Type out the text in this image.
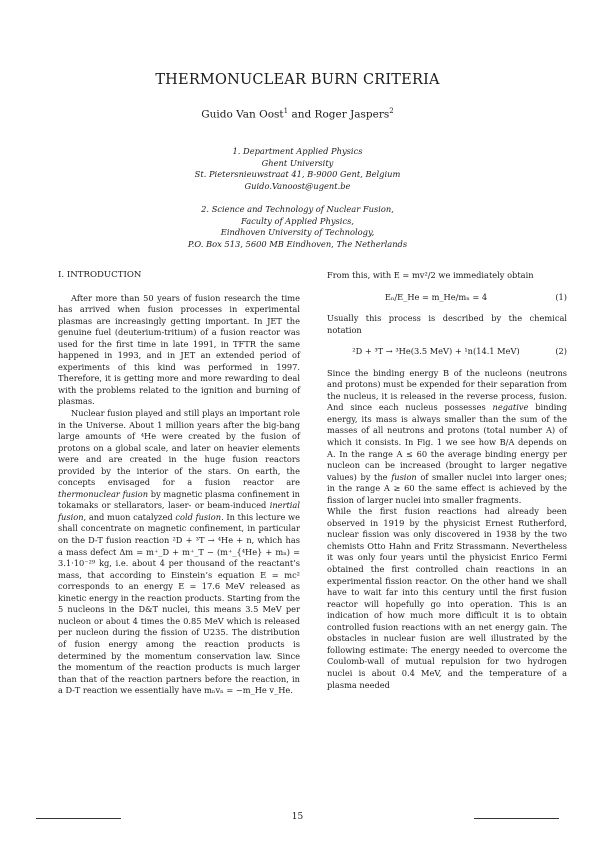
THERMONUCLEAR BURN CRITERIA
Guido Van Oost$^1$ and Roger Jaspers$^2$
1. Department Applied Physics
Ghent University
St. Pietersnieuwstraat 41, B-9000 Gent, Belgium
Guido.Vanoost@ugent.be
2. Science and Technology of Nuclear Fusion,
Faculty of Applied Physics,
Eindhoven University of Technology,
P.O. Box 513, 5600 MB Eindhoven, The Netherlands
I. INTRODUCTION

After more than 50 years of fusion research the time has arrived when fusion processes in experimental plasmas are increasingly getting important. In JET the genuine fuel (deuterium-tritium) of a fusion reactor was used for the first time in late 1991, in TFTR the same happened in 1993, and in JET an extended period of experiments of this kind was performed in 1997. Therefore, it is getting more and more rewarding to deal with the problems related to the ignition and burning of plasmas.

Nuclear fusion played and still plays an important role in the Universe. About 1 million years after the big-bang large amounts of ⁴He were created by the fusion of protons on a global scale, and later on heavier elements were and are created in the huge fusion reactors provided by the interior of the stars. On earth, the concepts envisaged for a fusion reactor are thermonuclear fusion by magnetic plasma confinement in tokamaks or stellarators, laser- or beam-induced inertial fusion, and muon catalyzed cold fusion. In this lecture we shall concentrate on magnetic confinement, in particular on the D-T fusion reaction ²D + ³T → ⁴He + n, which has a mass defect Δm = m⁺_D + m⁺_T − (m⁺_{⁴He} + mₙ) = 3.1·10⁻²⁹ kg, i.e. about 4 per thousand of the reactant’s mass, that according to Einstein’s equation E = mc² corresponds to an energy E = 17.6 MeV released as kinetic energy in the reaction products. Starting from the 5 nucleons in the D&T nuclei, this means 3.5 MeV per nucleon or about 4 times the 0.85 MeV which is released per nucleon during the fission of U235. The distribution of fusion energy among the reaction products is determined by the momentum conservation law. Since the momentum of the reaction products is much larger than that of the reaction partners before the reaction, in a D-T reaction we essentially have mₙvₙ = −m_He v_He.

From this, with E = mv²/2 we immediately obtain

Eₙ/E_He = m_He/mₙ = 4	(1)

Usually this process is described by the chemical notation

²D + ³T → ³He(3.5 MeV) + ¹n(14.1 MeV)	(2)

Since the binding energy B of the nucleons (neutrons and protons) must be expended for their separation from the nucleus, it is released in the reverse process, fusion. And since each nucleus possesses negative binding energy, its mass is always smaller than the sum of the masses of all neutrons and protons (total number A) of which it consists. In Fig. 1 we see how B/A depends on A. In the range A ≤ 60 the average binding energy per nucleon can be increased (brought to larger negative values) by the fusion of smaller nuclei into larger ones; in the range A ≥ 60 the same effect is achieved by the fission of larger nuclei into smaller fragments.

While the first fusion reactions had already been observed in 1919 by the physicist Ernest Rutherford, nuclear fission was only discovered in 1938 by the two chemists Otto Hahn and Fritz Strassmann. Nevertheless it was only four years until the physicist Enrico Fermi obtained the first controlled chain reactions in an experimental fission reactor. On the other hand we shall have to wait far into this century until the first fusion reactor will hopefully go into operation. This is an indication of how much more difficult it is to obtain controlled fusion reactions with an net energy gain. The obstacles in nuclear fusion are well illustrated by the following estimate: The energy needed to overcome the Coulomb-wall of mutual repulsion for two hydrogen nuclei is about 0.4 MeV, and the temperature of a plasma needed

15
